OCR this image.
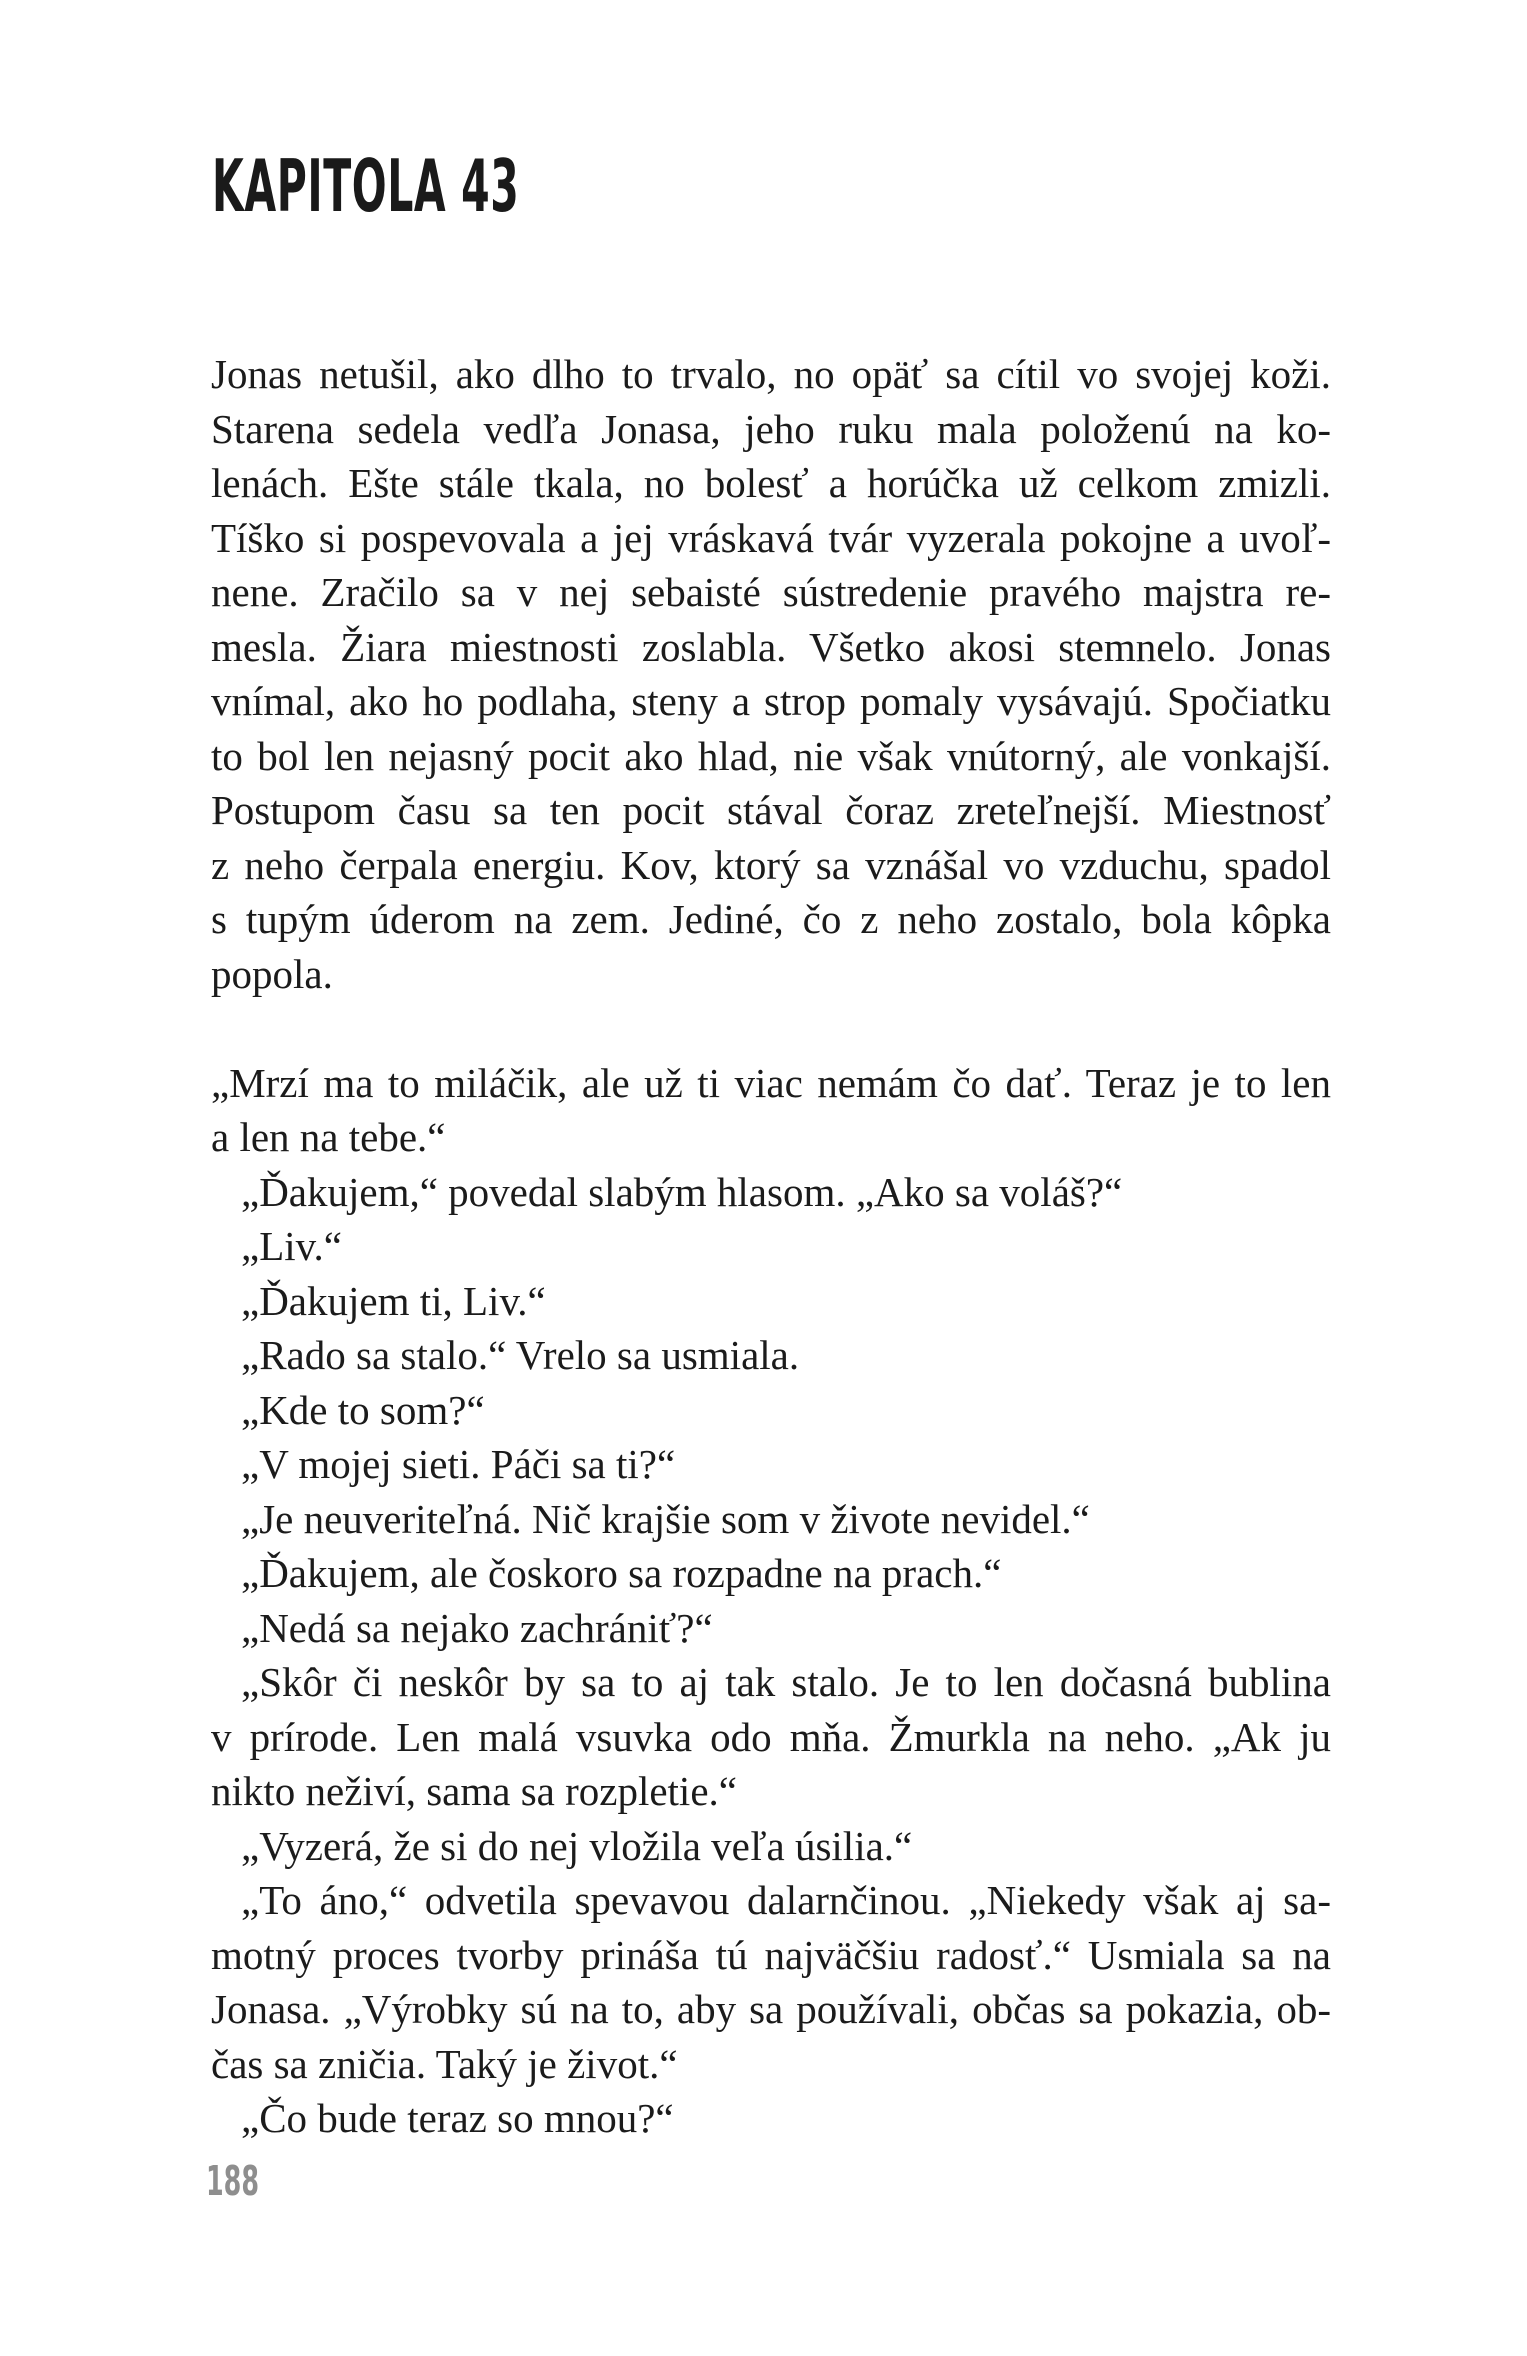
KAPITOLA 43
Jonas netušil, ako dlho to trvalo, no opäť sa cítil vo svojej koži.
Starena sedela vedľa Jonasa, jeho ruku mala položenú na ko-
lenách. Ešte stále tkala, no bolesť a horúčka už celkom zmizli.
Tíško si pospevovala a jej vráskavá tvár vyzerala pokojne a uvoľ-
nene. Zračilo sa v nej sebaisté sústredenie pravého majstra re-
mesla. Žiara miestnosti zoslabla. Všetko akosi stemnelo. Jonas
vnímal, ako ho podlaha, steny a strop pomaly vysávajú. Spočiatku
to bol len nejasný pocit ako hlad, nie však vnútorný, ale vonkajší.
Postupom času sa ten pocit stával čoraz zreteľnejší. Miestnosť
z neho čerpala energiu. Kov, ktorý sa vznášal vo vzduchu, spadol
s tupým úderom na zem. Jediné, čo z neho zostalo, bola kôpka
popola.
„Mrzí ma to miláčik, ale už ti viac nemám čo dať. Teraz je to len
a len na tebe.“
„Ďakujem,“ povedal slabým hlasom. „Ako sa voláš?“
„Liv.“
„Ďakujem ti, Liv.“
„Rado sa stalo.“ Vrelo sa usmiala.
„Kde to som?“
„V mojej sieti. Páči sa ti?“
„Je neuveriteľná. Nič krajšie som v živote nevidel.“
„Ďakujem, ale čoskoro sa rozpadne na prach.“
„Nedá sa nejako zachrániť?“
„Skôr či neskôr by sa to aj tak stalo. Je to len dočasná bublina
v prírode. Len malá vsuvka odo mňa. Žmurkla na neho. „Ak ju
nikto neživí, sama sa rozpletie.“
„Vyzerá, že si do nej vložila veľa úsilia.“
„To áno,“ odvetila spevavou dalarnčinou. „Niekedy však aj sa-
motný proces tvorby prináša tú najväčšiu radosť.“ Usmiala sa na
Jonasa. „Výrobky sú na to, aby sa používali, občas sa pokazia, ob-
čas sa zničia. Taký je život.“
„Čo bude teraz so mnou?“
188
